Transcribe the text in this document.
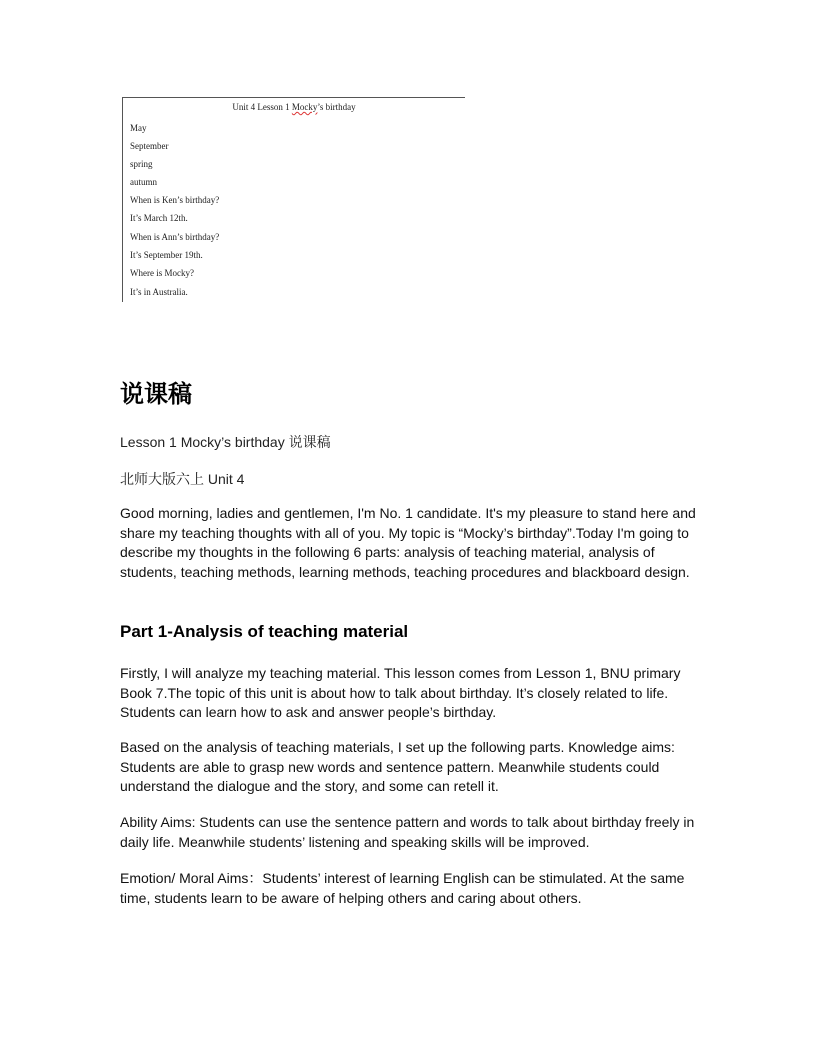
Unit 4 Lesson 1 Mocky’s birthday
May
September
spring
autumn
When is Ken’s birthday?
It’s March 12th.
When is Ann’s birthday?
It’s September 19th.
Where is Mocky?
It’s in Australia.
说课稿
Lesson 1 Mocky’s birthday 说课稿
北师大版六上 Unit 4

Good morning, ladies and gentlemen, I'm No. 1 candidate. It's my pleasure to stand here and share my teaching thoughts with all of you. My topic is “Mocky’s birthday”.Today I'm going to describe my thoughts in the following 6 parts: analysis of teaching material, analysis of students, teaching methods, learning methods, teaching procedures and blackboard design.

Part 1-Analysis of teaching material

Firstly, I will analyze my teaching material. This lesson comes from Lesson 1, BNU primary Book 7.The topic of this unit is about how to talk about birthday. It’s closely related to life. Students can learn how to ask and answer people’s birthday.

Based on the analysis of teaching materials, I set up the following parts. Knowledge aims: Students are able to grasp new words and sentence pattern. Meanwhile students could understand the dialogue and the story, and some can retell it.

Ability Aims: Students can use the sentence pattern and words to talk about birthday freely in daily life. Meanwhile students’ listening and speaking skills will be improved.

Emotion/ Moral Aims：Students’ interest of learning English can be stimulated. At the same time, students learn to be aware of helping others and caring about others.
